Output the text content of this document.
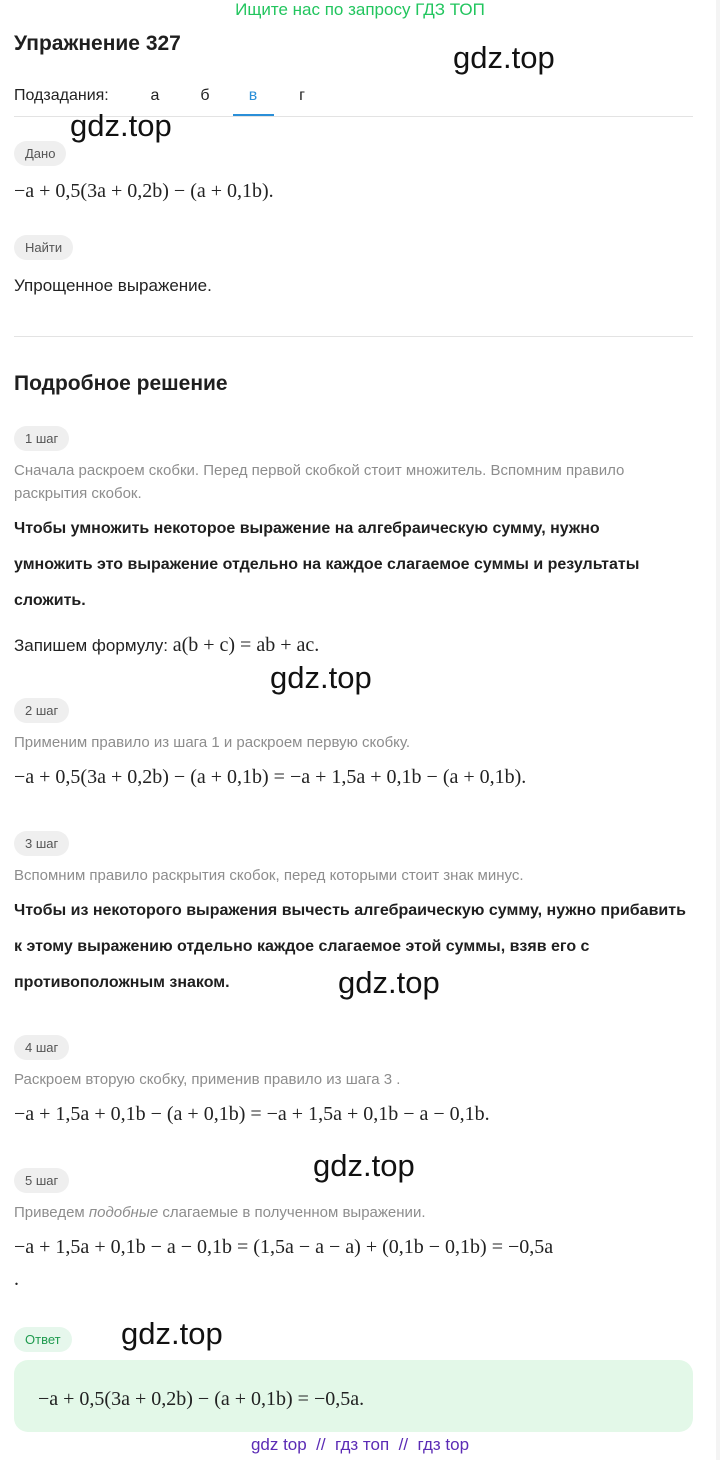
Ищите нас по запросу ГДЗ ТОП
Упражнение 327	gdz.top
Подзадания:	а	б	в	г
gdz.top
Дано
−a + 0,5(3a + 0,2b) − (a + 0,1b).
Найти
Упрощенное выражение.
Подробное решение
1 шаг
Сначала раскроем скобки. Перед первой скобкой стоит множитель. Вспомним правило раскрытия скобок.
Чтобы умножить некоторое выражение на алгебраическую сумму, нужно умножить это выражение отдельно на каждое слагаемое суммы и результаты сложить.
Запишем формулу: a(b + c) = ab + ac.
gdz.top
2 шаг
Применим правило из шага 1 и раскроем первую скобку.
−a + 0,5(3a + 0,2b) − (a + 0,1b) = −a + 1,5a + 0,1b − (a + 0,1b).
3 шаг
Вспомним правило раскрытия скобок, перед которыми стоит знак минус.
Чтобы из некоторого выражения вычесть алгебраическую сумму, нужно прибавить к этому выражению отдельно каждое слагаемое этой суммы, взяв его с противоположным знаком.	gdz.top
4 шаг
Раскроем вторую скобку, применив правило из шага 3 .
−a + 1,5a + 0,1b − (a + 0,1b) = −a + 1,5a + 0,1b − a − 0,1b.
gdz.top
5 шаг
Приведем подобные слагаемые в полученном выражении.
−a + 1,5a + 0,1b − a − 0,1b = (1,5a − a − a) + (0,1b − 0,1b) = −0,5a
.
Ответ	gdz.top
−a + 0,5(3a + 0,2b) − (a + 0,1b) = −0,5a.
gdz top  //  гдз топ  //  гдз top
